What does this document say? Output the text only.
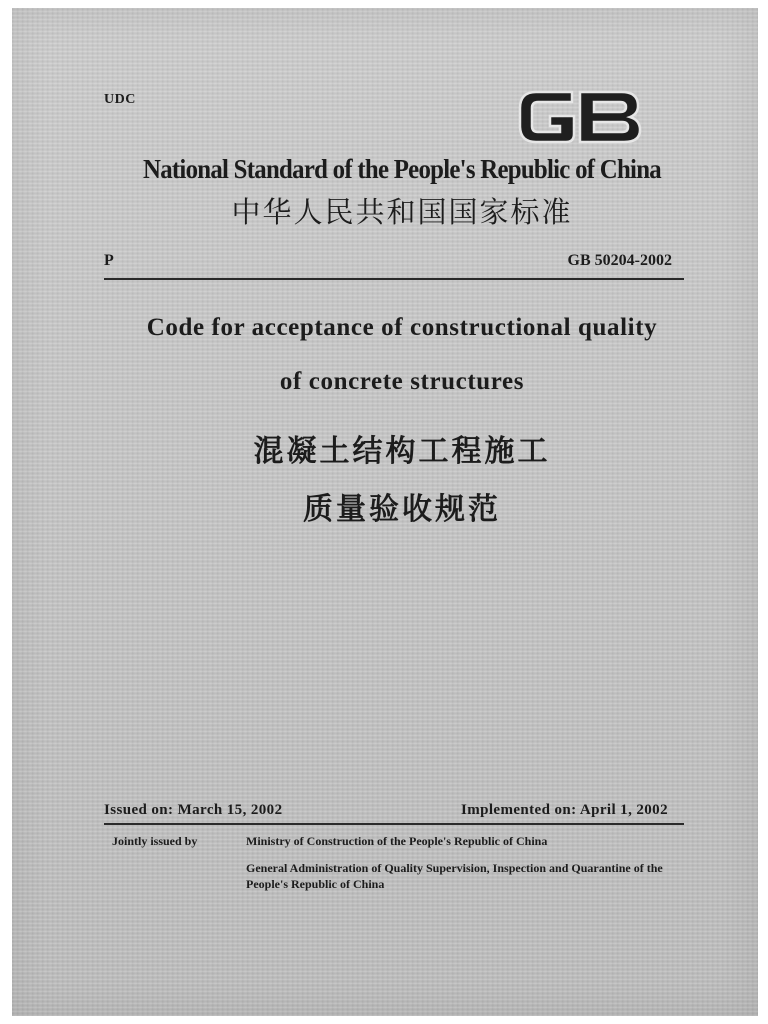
UDC
National Standard of the People's Republic of China
中华人民共和国国家标准
P	GB 50204-2002
Code for acceptance of constructional quality
of concrete structures
混凝土结构工程施工
质量验收规范
Issued on: March 15, 2002	Implemented on: April 1, 2002
Jointly issued by	Ministry of Construction of the People's Republic of China
General Administration of Quality Supervision, Inspection and Quarantine of the People's Republic of China
